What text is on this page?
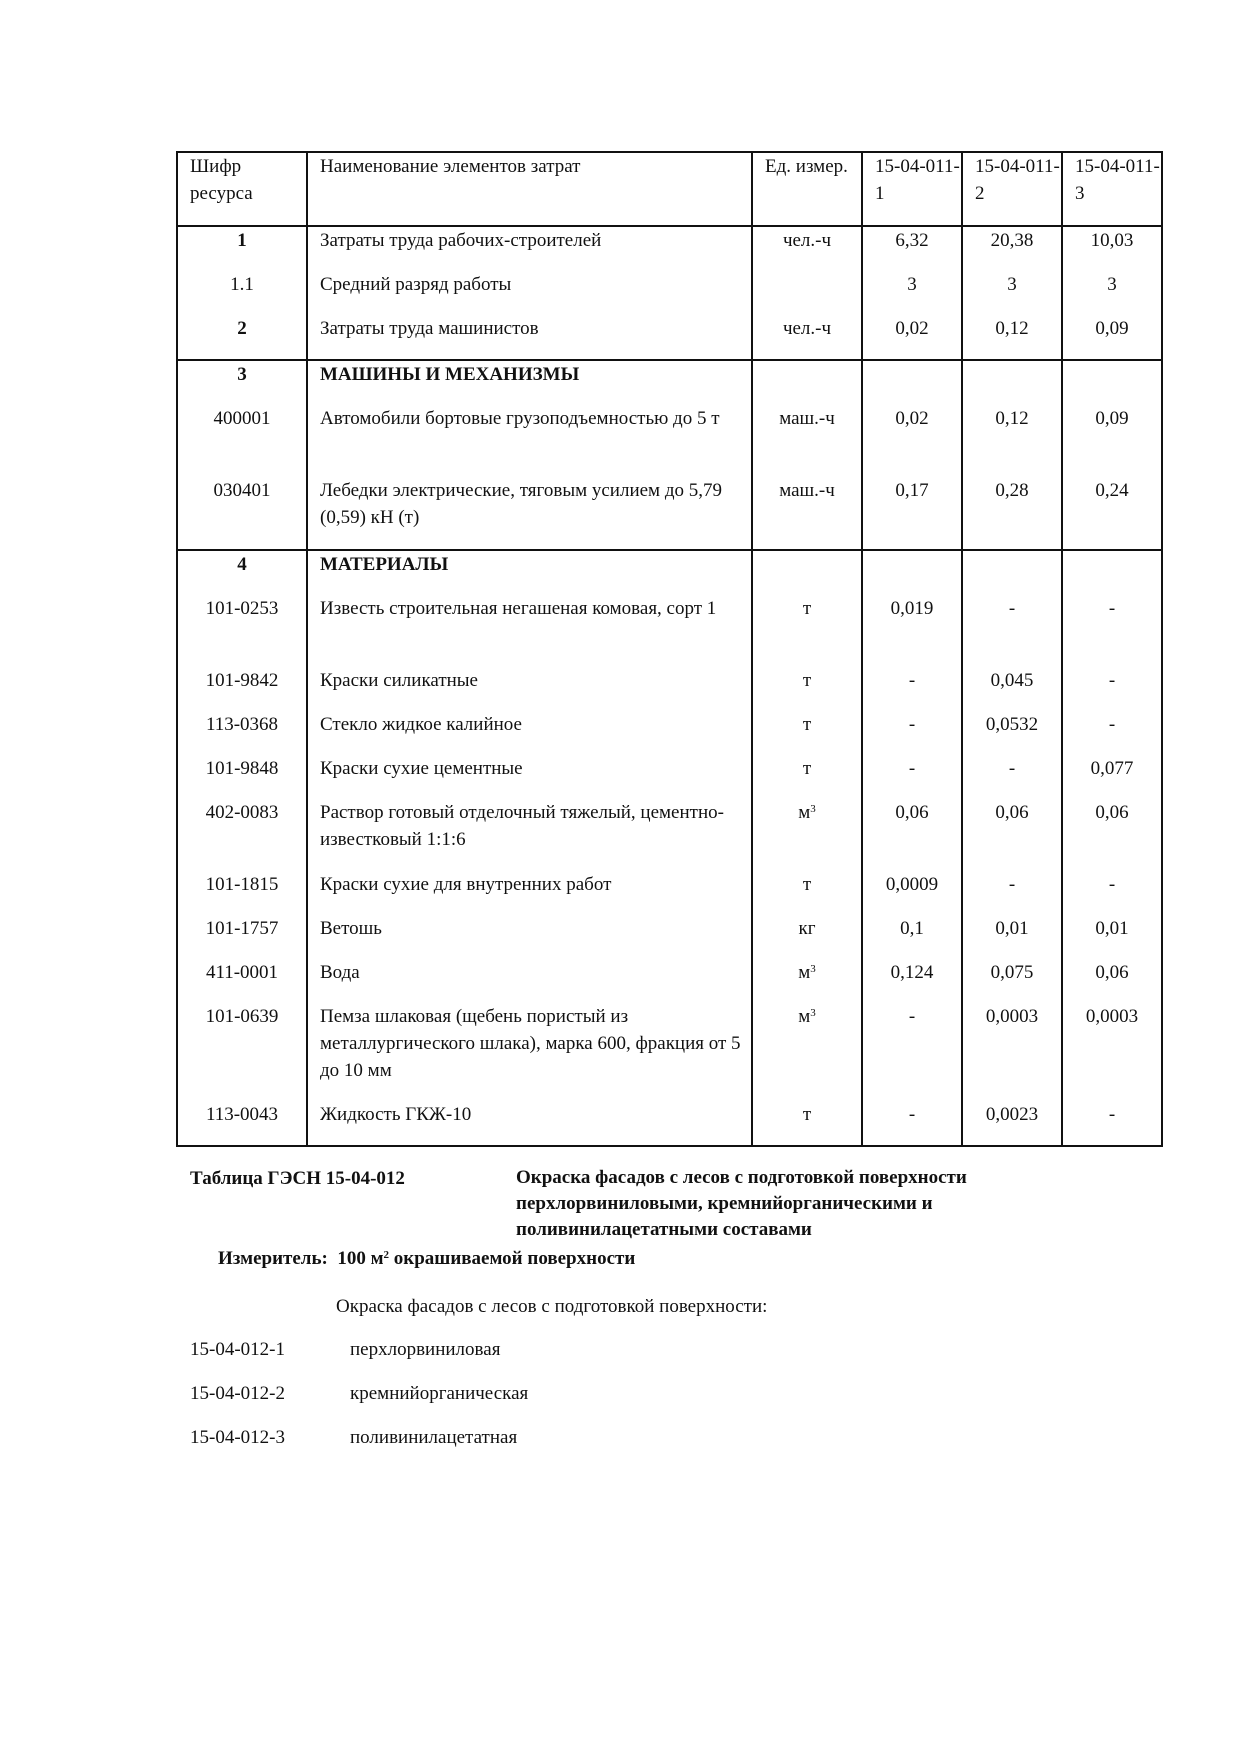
Шифр ресурса	Наименование элементов затрат	Ед. измер.	15-04-011-1	15-04-011-2	15-04-011-3
1	Затраты труда рабочих-строителей	чел.-ч	6,32	20,38	10,03
1.1	Средний разряд работы		3	3	3
2	Затраты труда машинистов	чел.-ч	0,02	0,12	0,09
3	МАШИНЫ И МЕХАНИЗМЫ				
400001	Автомобили бортовые грузоподъемностью до 5 т	маш.-ч	0,02	0,12	0,09
030401	Лебедки электрические, тяговым усилием до 5,79 (0,59) кН (т)	маш.-ч	0,17	0,28	0,24
4	МАТЕРИАЛЫ				
101-0253	Известь строительная негашеная комовая, сорт 1	т	0,019	-	-
101-9842	Краски силикатные	т	-	0,045	-
113-0368	Стекло жидкое калийное	т	-	0,0532	-
101-9848	Краски сухие цементные	т	-	-	0,077
402-0083	Раствор готовый отделочный тяжелый, цементно-известковый 1:1:6	$м^3$	0,06	0,06	0,06
101-1815	Краски сухие для внутренних работ	т	0,0009	-	-
101-1757	Ветошь	кг	0,1	0,01	0,01
411-0001	Вода	$м^3$	0,124	0,075	0,06
101-0639	Пемза шлаковая (щебень пористый из металлургического шлака), марка 600, фракция от 5 до 10 мм	$м^3$	-	0,0003	0,0003
113-0043	Жидкость ГКЖ-10	т	-	0,0023	-
Таблица ГЭСН 15-04-012	Окраска фасадов с лесов с подготовкой поверхности перхлорвиниловыми, кремнийорганическими и поливинилацетатными составами
Измеритель: 100 $м^2$ окрашиваемой поверхности
Окраска фасадов с лесов с подготовкой поверхности:
15-04-012-1	перхлорвиниловая
15-04-012-2	кремнийорганическая
15-04-012-3	поливинилацетатная
